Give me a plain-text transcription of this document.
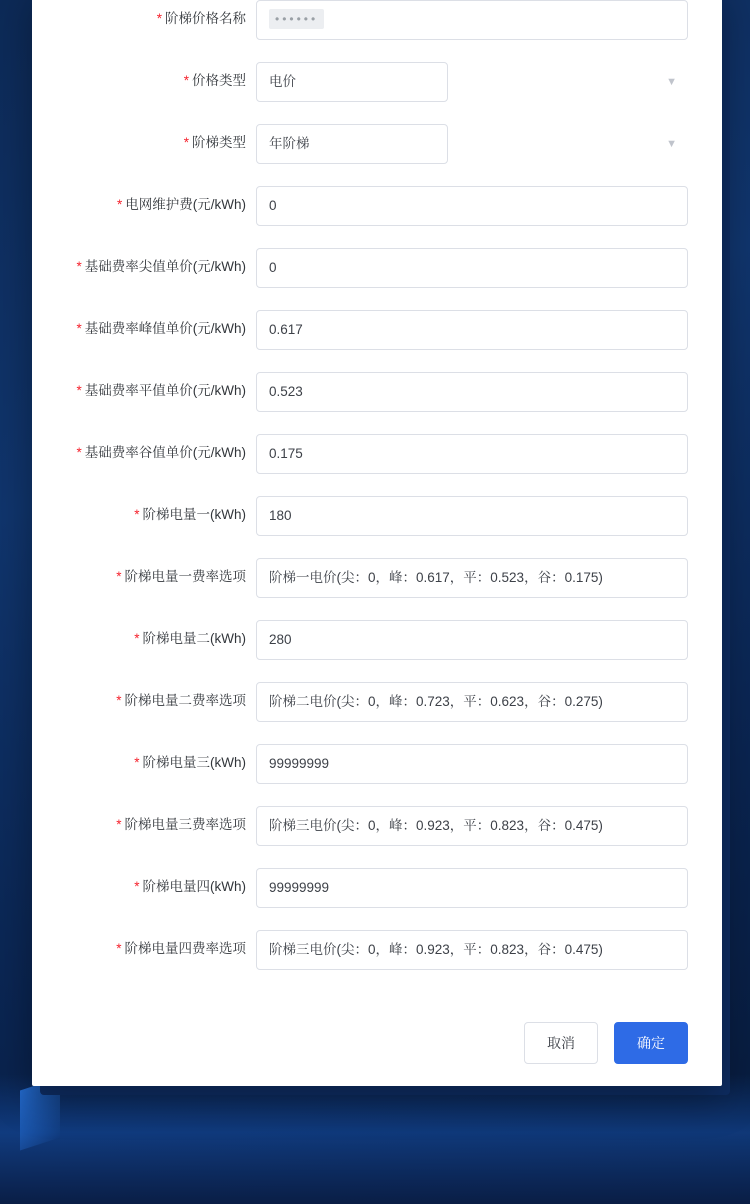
* 阶梯价格名称	••••••
* 价格类型	电价	▼
* 阶梯类型	年阶梯	▼
* 电网维护费(元/kWh)	0
* 基础费率尖值单价(元/kWh)	0
* 基础费率峰值单价(元/kWh)	0.617
* 基础费率平值单价(元/kWh)	0.523
* 基础费率谷值单价(元/kWh)	0.175
* 阶梯电量一(kWh)	180
* 阶梯电量一费率选项	阶梯一电价(尖：0，峰：0.617，平：0.523，谷：0.175)
* 阶梯电量二(kWh)	280
* 阶梯电量二费率选项	阶梯二电价(尖：0，峰：0.723，平：0.623，谷：0.275)
* 阶梯电量三(kWh)	99999999
* 阶梯电量三费率选项	阶梯三电价(尖：0，峰：0.923，平：0.823，谷：0.475)
* 阶梯电量四(kWh)	99999999
* 阶梯电量四费率选项	阶梯三电价(尖：0，峰：0.923，平：0.823，谷：0.475)
取消	确定
